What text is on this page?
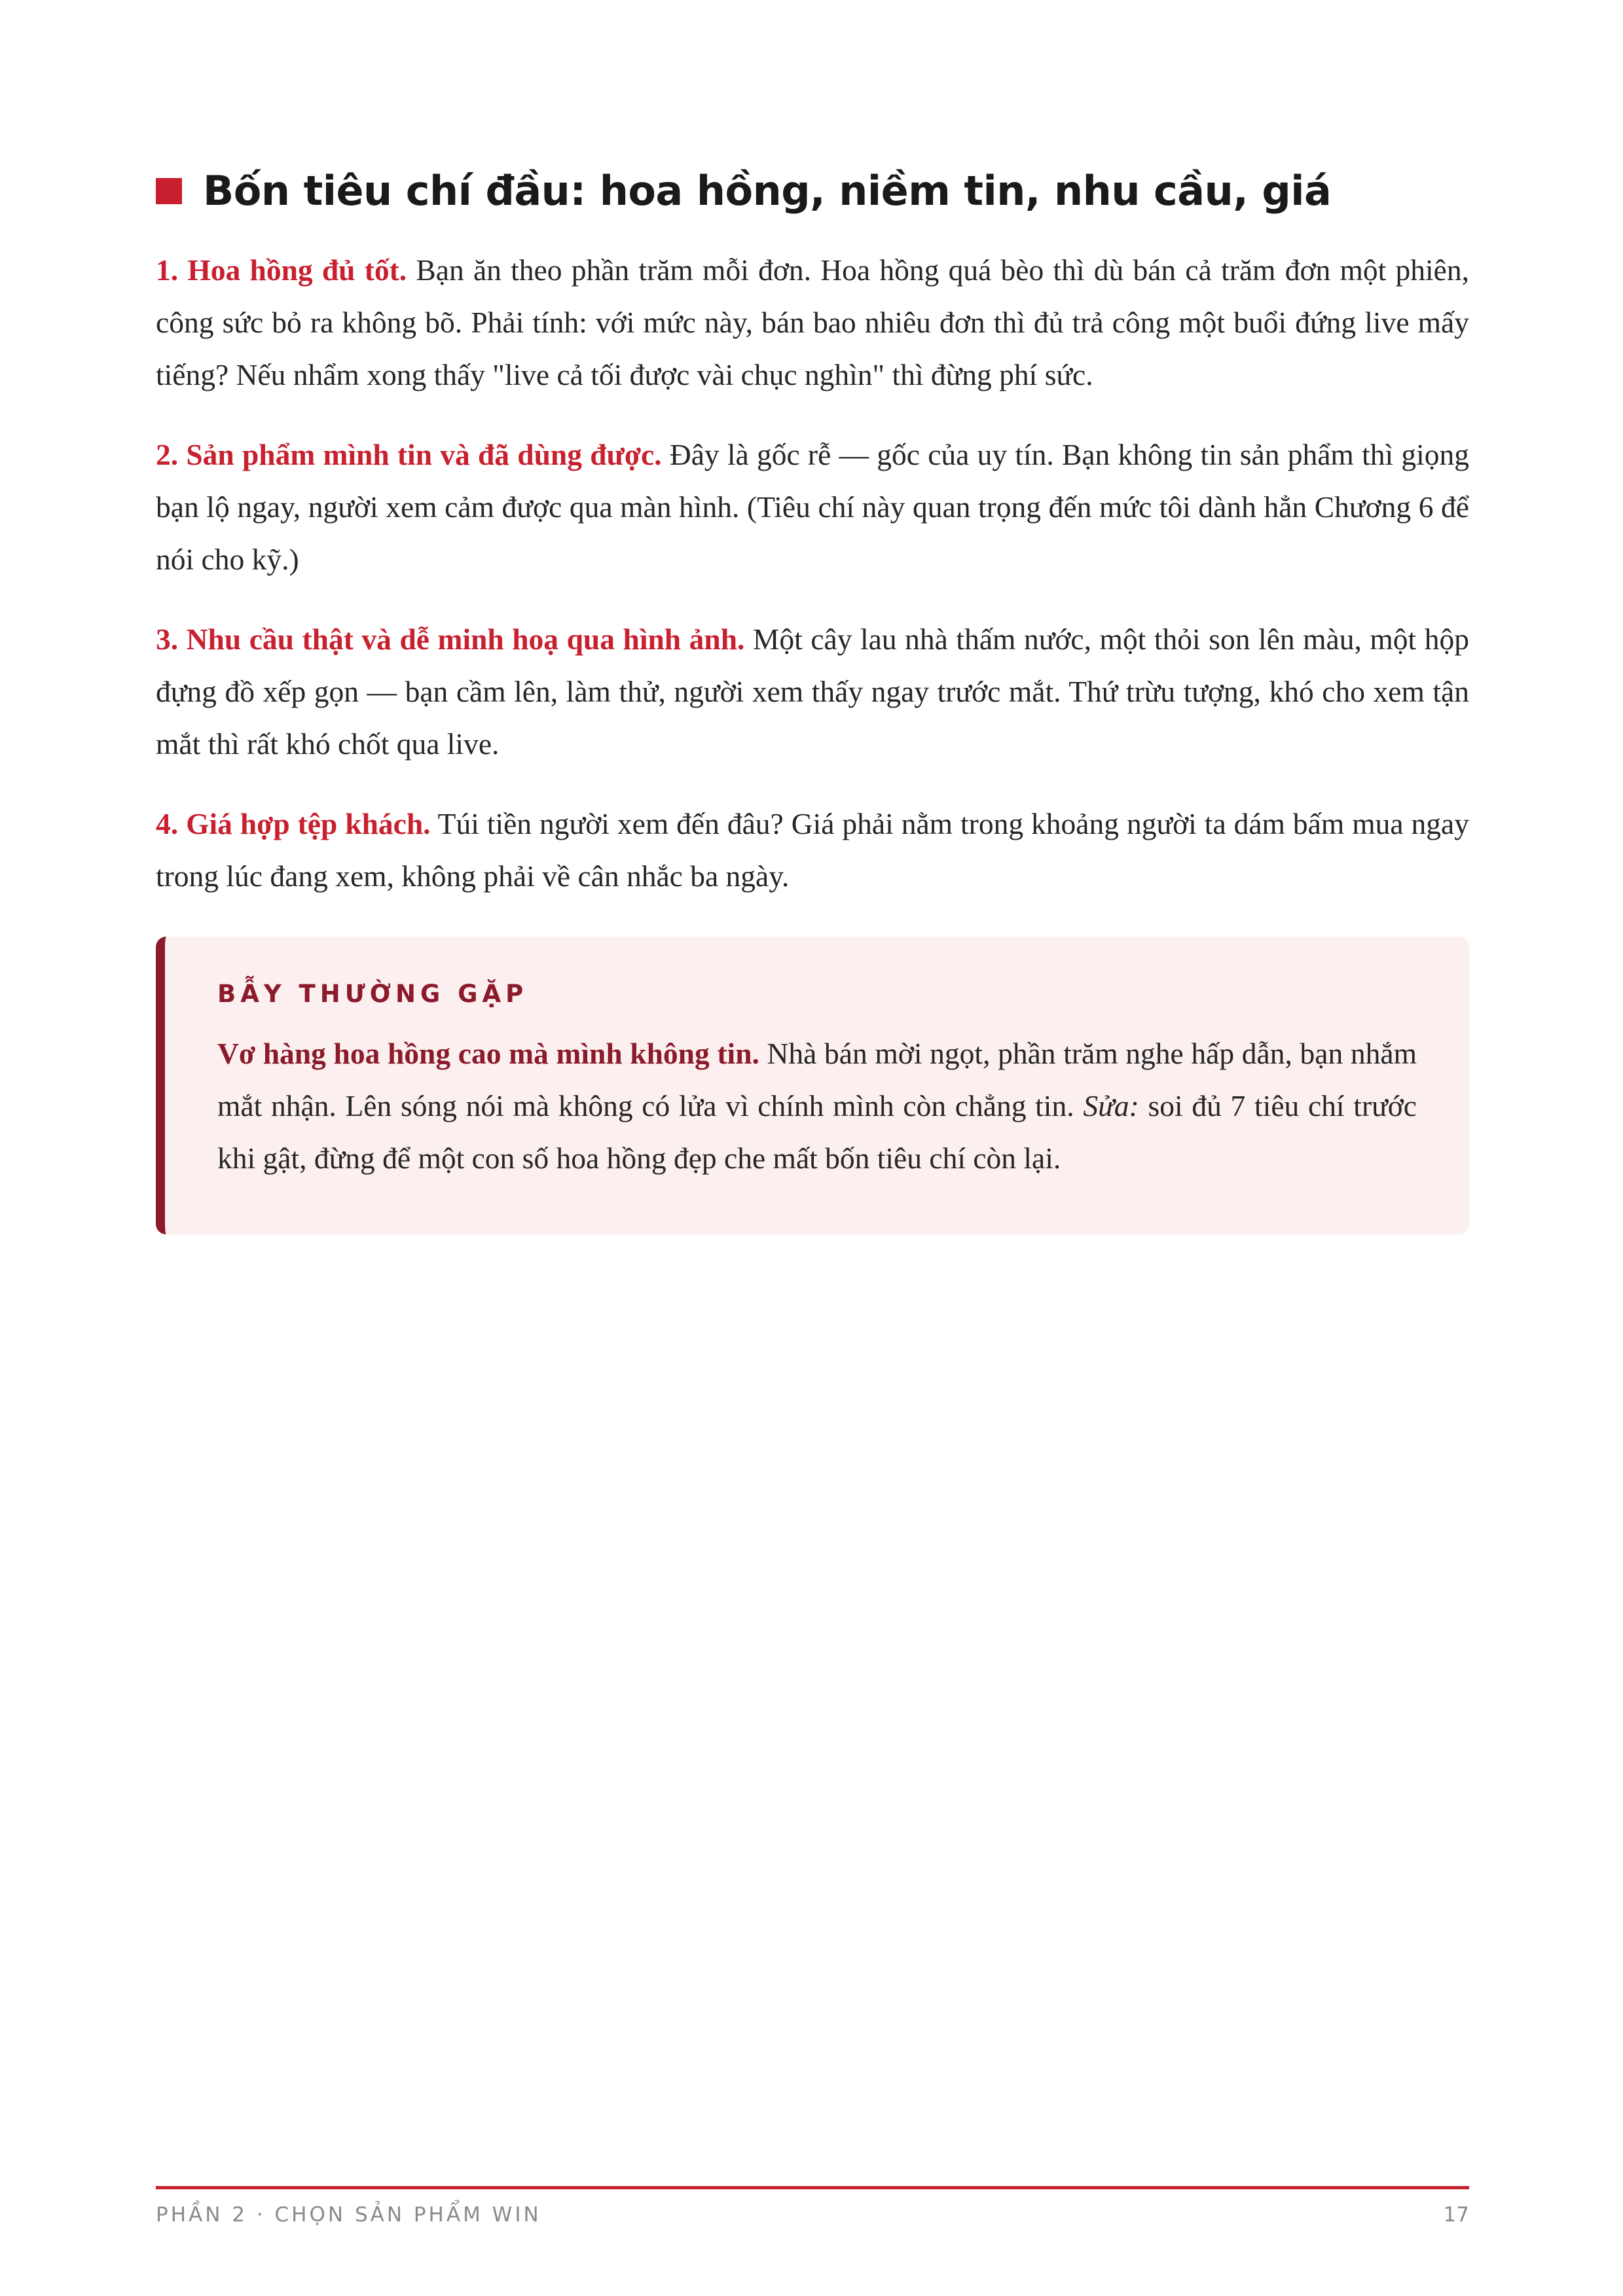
Bốn tiêu chí đầu: hoa hồng, niềm tin, nhu cầu, giá

1. Hoa hồng đủ tốt. Bạn ăn theo phần trăm mỗi đơn. Hoa hồng quá bèo thì dù bán cả trăm đơn một phiên, công sức bỏ ra không bõ. Phải tính: với mức này, bán bao nhiêu đơn thì đủ trả công một buổi đứng live mấy tiếng? Nếu nhẩm xong thấy "live cả tối được vài chục nghìn" thì đừng phí sức.

2. Sản phẩm mình tin và đã dùng được. Đây là gốc rễ — gốc của uy tín. Bạn không tin sản phẩm thì giọng bạn lộ ngay, người xem cảm được qua màn hình. (Tiêu chí này quan trọng đến mức tôi dành hẳn Chương 6 để nói cho kỹ.)

3. Nhu cầu thật và dễ minh hoạ qua hình ảnh. Một cây lau nhà thấm nước, một thỏi son lên màu, một hộp đựng đồ xếp gọn — bạn cầm lên, làm thử, người xem thấy ngay trước mắt. Thứ trừu tượng, khó cho xem tận mắt thì rất khó chốt qua live.

4. Giá hợp tệp khách. Túi tiền người xem đến đâu? Giá phải nằm trong khoảng người ta dám bấm mua ngay trong lúc đang xem, không phải về cân nhắc ba ngày.

BẪY THƯỜNG GẶP
Vơ hàng hoa hồng cao mà mình không tin. Nhà bán mời ngọt, phần trăm nghe hấp dẫn, bạn nhắm mắt nhận. Lên sóng nói mà không có lửa vì chính mình còn chẳng tin. Sửa: soi đủ 7 tiêu chí trước khi gật, đừng để một con số hoa hồng đẹp che mất bốn tiêu chí còn lại.
PHẦN 2 · CHỌN SẢN PHẨM WIN	17
